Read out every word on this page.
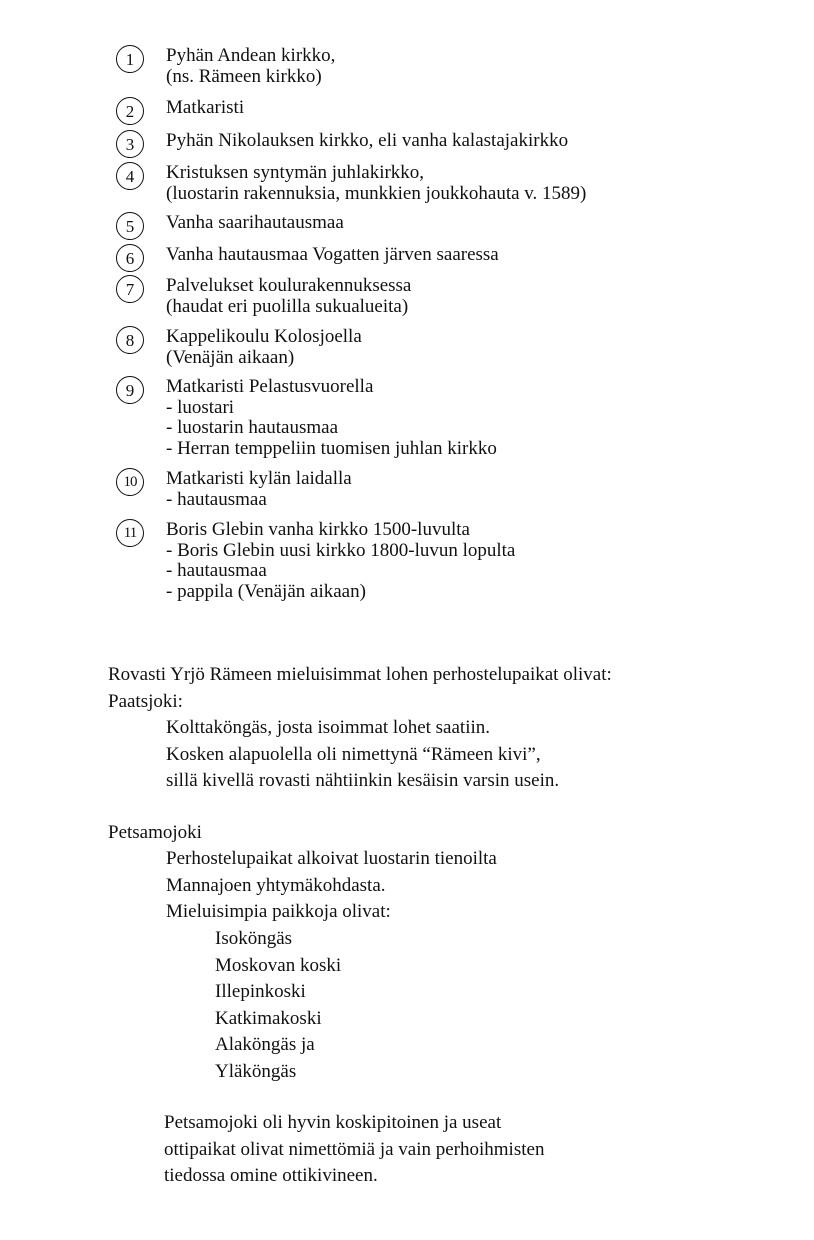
1	Pyhän Andean kirkko,
(ns. Rämeen kirkko)
2	Matkaristi
3	Pyhän Nikolauksen kirkko, eli vanha kalastajakirkko
4	Kristuksen syntymän juhlakirkko,
(luostarin rakennuksia, munkkien joukkohauta v. 1589)
5	Vanha saarihautausmaa
6	Vanha hautausmaa Vogatten järven saaressa
7	Palvelukset koulurakennuksessa
(haudat eri puolilla sukualueita)
8	Kappelikoulu Kolosjoella
(Venäjän aikaan)
9	Matkaristi Pelastusvuorella
- luostari
- luostarin hautausmaa
- Herran temppeliin tuomisen juhlan kirkko
10	Matkaristi kylän laidalla
- hautausmaa
11	Boris Glebin vanha kirkko 1500-luvulta
- Boris Glebin uusi kirkko 1800-luvun lopulta
- hautausmaa
- pappila (Venäjän aikaan)
Rovasti Yrjö Rämeen mieluisimmat lohen perhostelupaikat olivat:
Paatsjoki:
Kolttaköngäs, josta isoimmat lohet saatiin.
Kosken alapuolella oli nimettynä “Rämeen kivi”,
sillä kivellä rovasti nähtiinkin kesäisin varsin usein.
Petsamojoki
Perhostelupaikat alkoivat luostarin tienoilta
Mannajoen yhtymäkohdasta.
Mieluisimpia paikkoja olivat:
Isoköngäs
Moskovan koski
Illepinkoski
Katkimakoski
Alaköngäs ja
Yläköngäs
Petsamojoki oli hyvin koskipitoinen ja useat
ottipaikat olivat nimettömiä ja vain perhoihmisten
tiedossa omine ottikivineen.
